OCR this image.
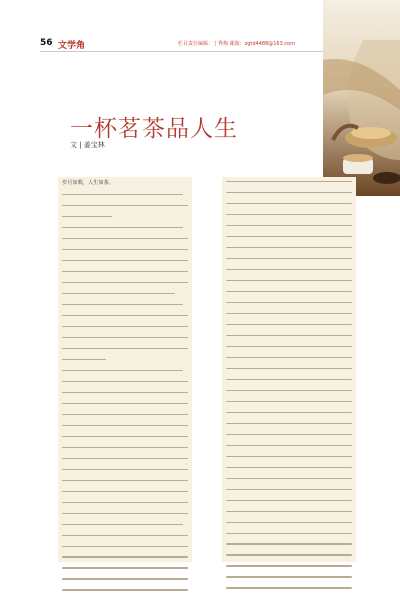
56 文学角	栏目责任编辑：丁秀梅 邮箱：zgtd4488@163.com
一杯茗茶品人生
文 | 姜宝林
岁月如歌，人生如茶。
